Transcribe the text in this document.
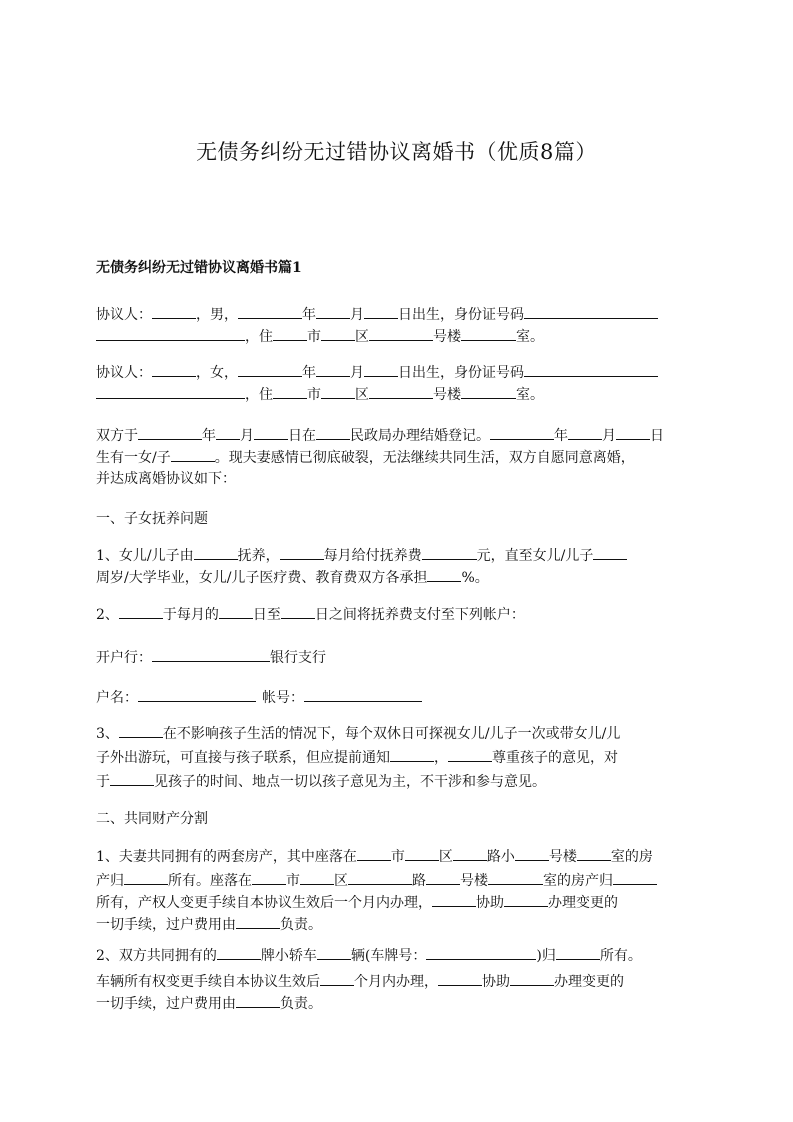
无债务纠纷无过错协议离婚书（优质8篇）
无债务纠纷无过错协议离婚书篇1
协议人：	，男，	年 月 日出生，身份证号码
，住 市 区	号楼	室。
协议人：	，女，	年 月 日出生，身份证号码
，住 市 区	号楼	室。
双方于	年 月 日在 民政局办理结婚登记。	年 月 日
生有一女/子	。现夫妻感情已彻底破裂，无法继续共同生活，双方自愿同意离婚，
并达成离婚协议如下：
一、子女抚养问题
1、女儿/儿子由	抚养，	每月给付抚养费	元，直至女儿/儿子
周岁/大学毕业，女儿/儿子医疗费、教育费双方各承担 %。
2、	于每月的 日至 日之间将抚养费支付至下列帐户：
开户行：	银行支行
户名：	帐号：
3、	在不影响孩子生活的情况下，每个双休日可探视女儿/儿子一次或带女儿/儿
子外出游玩，可直接与孩子联系，但应提前通知	，	尊重孩子的意见，对
于	见孩子的时间、地点一切以孩子意见为主，不干涉和参与意见。
二、共同财产分割
1、夫妻共同拥有的两套房产，其中座落在 市 区 路小 号楼 室的房
产归	所有。座落在 市 区	路 号楼	室的房产归
所有，产权人变更手续自本协议生效后一个月内办理，	协助	办理变更的
一切手续，过户费用由	负责。
2、双方共同拥有的	牌小轿车 辆(车牌号：	)归	所有。
车辆所有权变更手续自本协议生效后 个月内办理，	协助	办理变更的
一切手续，过户费用由	负责。
